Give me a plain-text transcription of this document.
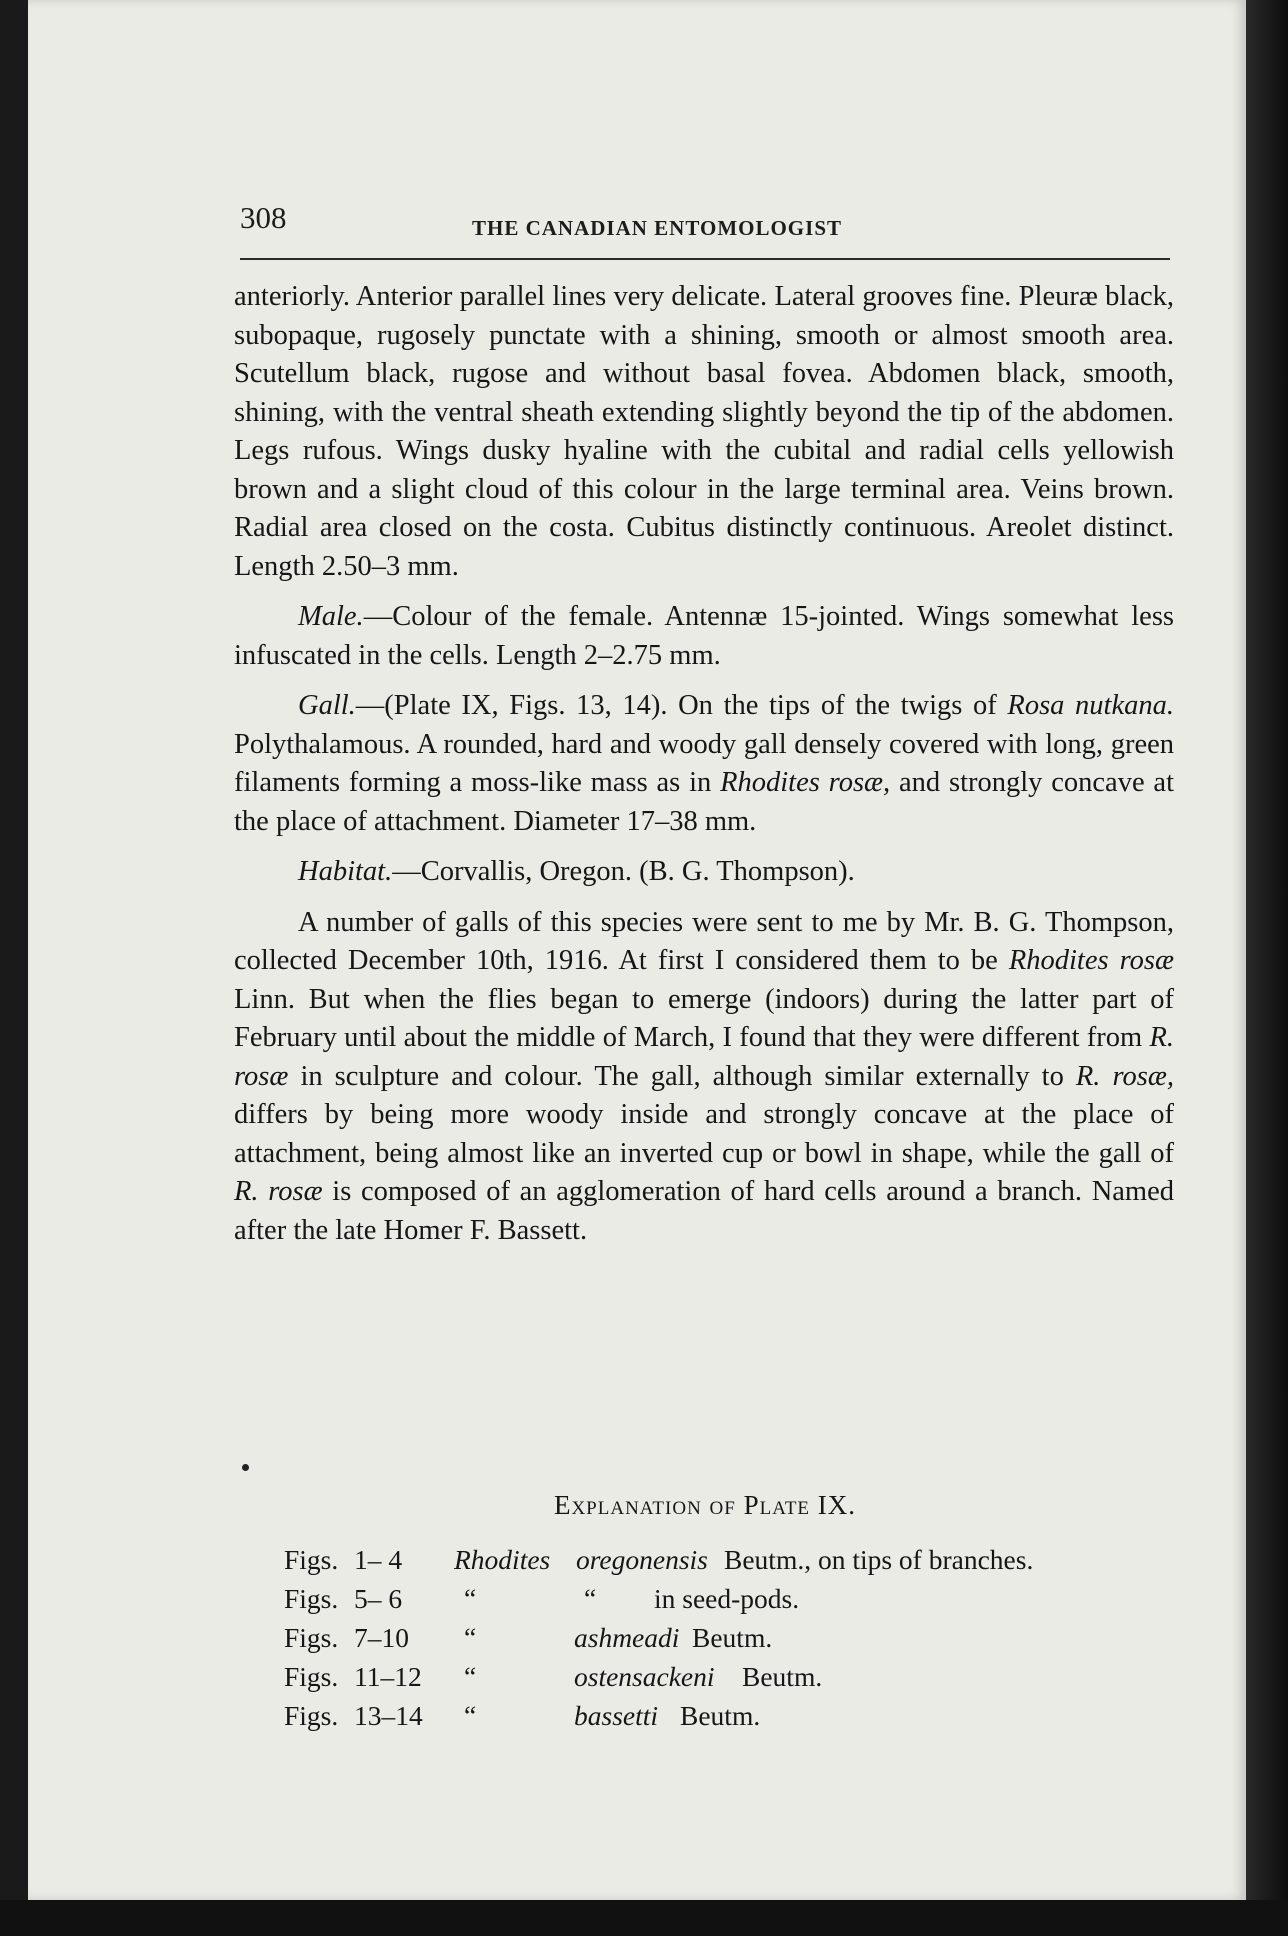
308	THE CANADIAN ENTOMOLOGIST

anteriorly. Anterior parallel lines very delicate. Lateral grooves fine. Pleuræ black, subopaque, rugosely punctate with a shining, smooth or almost smooth area. Scutellum black, rugose and without basal fovea. Abdomen black, smooth, shining, with the ventral sheath extending slightly beyond the tip of the abdomen. Legs rufous. Wings dusky hyaline with the cubital and radial cells yellowish brown and a slight cloud of this colour in the large terminal area. Veins brown. Radial area closed on the costa. Cubitus distinctly continuous. Areolet distinct. Length 2.50–3 mm.

Male.—Colour of the female. Antennæ 15-jointed. Wings somewhat less infuscated in the cells. Length 2–2.75 mm.

Gall.—(Plate IX, Figs. 13, 14). On the tips of the twigs of Rosa nutkana. Polythalamous. A rounded, hard and woody gall densely covered with long, green filaments forming a moss-like mass as in Rhodites rosæ, and strongly concave at the place of attachment. Diameter 17–38 mm.

Habitat.—Corvallis, Oregon. (B. G. Thompson).

A number of galls of this species were sent to me by Mr. B. G. Thompson, collected December 10th, 1916. At first I considered them to be Rhodites rosæ Linn. But when the flies began to emerge (indoors) during the latter part of February until about the middle of March, I found that they were different from R. rosæ in sculpture and colour. The gall, although similar externally to R. rosæ, differs by being more woody inside and strongly concave at the place of attachment, being almost like an inverted cup or bowl in shape, while the gall of R. rosæ is composed of an agglomeration of hard cells around a branch. Named after the late Homer F. Bassett.

Explanation of Plate IX.
Figs. 1– 4 Rhodites oregonensis Beutm., on tips of branches.
Figs. 5– 6 “	“ in seed-pods.
Figs. 7–10 “	ashmeadi Beutm.
Figs. 11–12 “	ostensackeni Beutm.
Figs. 13–14 “	bassetti Beutm.
